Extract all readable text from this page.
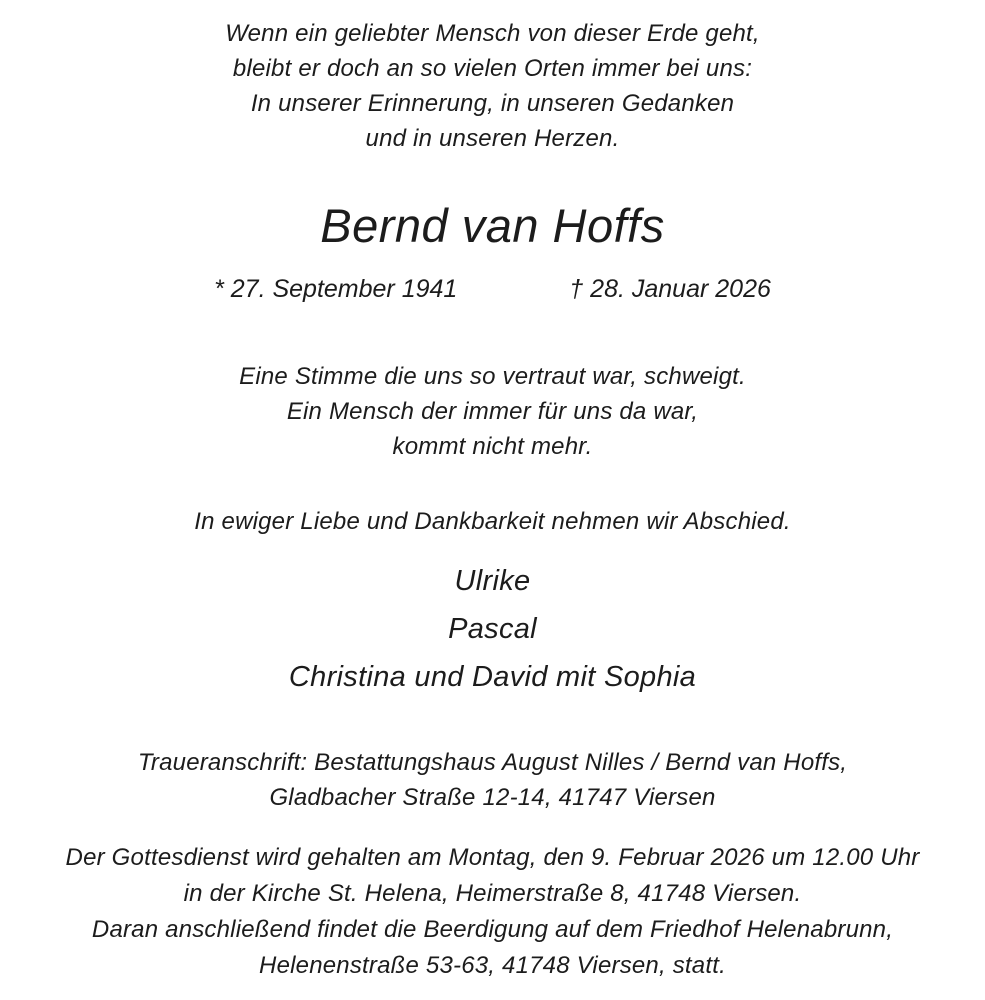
Wenn ein geliebter Mensch von dieser Erde geht,
bleibt er doch an so vielen Orten immer bei uns:
In unserer Erinnerung, in unseren Gedanken
und in unseren Herzen.
Bernd van Hoffs
* 27. September 1941	† 28. Januar 2026
Eine Stimme die uns so vertraut war, schweigt.
Ein Mensch der immer für uns da war,
kommt nicht mehr.
In ewiger Liebe und Dankbarkeit nehmen wir Abschied.
Ulrike
Pascal
Christina und David mit Sophia
Traueranschrift: Bestattungshaus August Nilles / Bernd van Hoffs,
Gladbacher Straße 12-14, 41747 Viersen
Der Gottesdienst wird gehalten am Montag, den 9. Februar 2026 um 12.00 Uhr
in der Kirche St. Helena, Heimerstraße 8, 41748 Viersen.
Daran anschließend findet die Beerdigung auf dem Friedhof Helenabrunn,
Helenenstraße 53-63, 41748 Viersen, statt.
